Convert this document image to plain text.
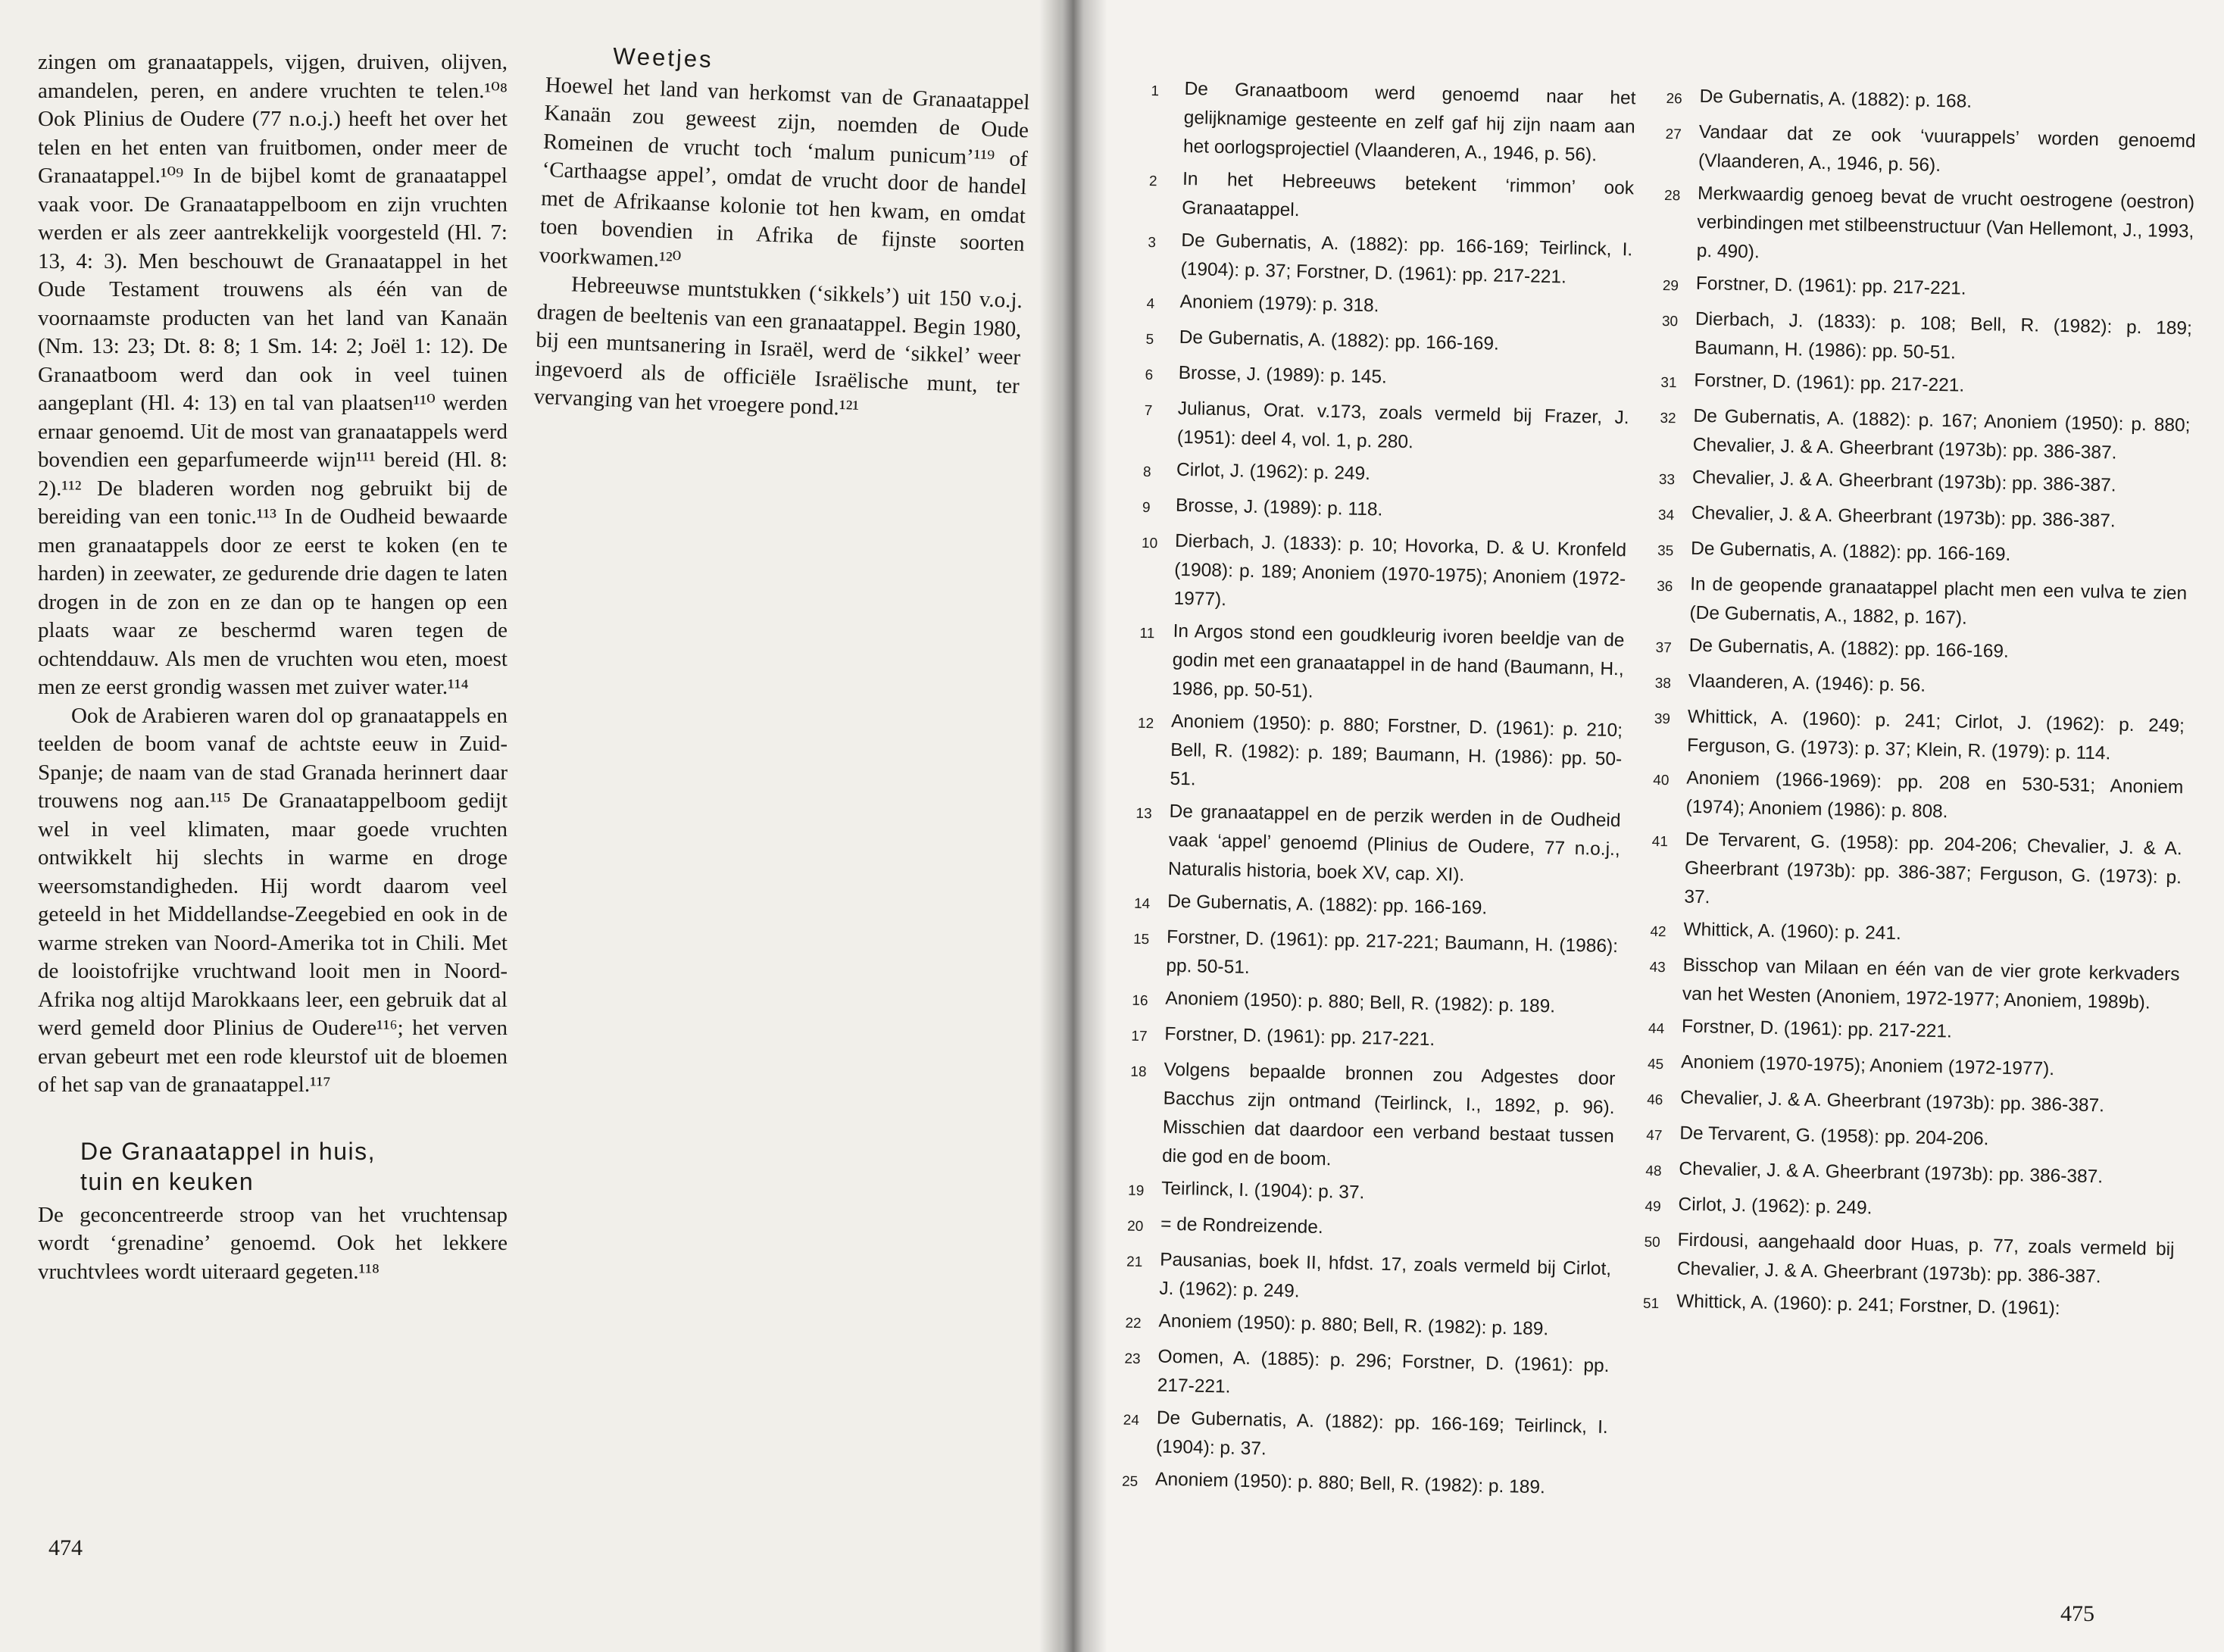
zingen om granaatappels, vijgen, druiven, olijven, amandelen, peren, en andere vruchten te telen.¹⁰⁸ Ook Plinius de Oudere (77 n.o.j.) heeft het over het telen en het enten van fruitbomen, onder meer de Granaatappel.¹⁰⁹ In de bijbel komt de granaatappel vaak voor. De Granaatappelboom en zijn vruchten werden er als zeer aantrekkelijk voorgesteld (Hl. 7: 13, 4: 3). Men beschouwt de Granaatappel in het Oude Testament trouwens als één van de voornaamste producten van het land van Kanaän (Nm. 13: 23; Dt. 8: 8; 1 Sm. 14: 2; Joël 1: 12). De Granaatboom werd dan ook in veel tuinen aangeplant (Hl. 4: 13) en tal van plaatsen¹¹⁰ werden ernaar genoemd. Uit de most van granaatappels werd bovendien een geparfumeerde wijn¹¹¹ bereid (Hl. 8: 2).¹¹² De bladeren worden nog gebruikt bij de bereiding van een tonic.¹¹³ In de Oudheid bewaarde men granaatappels door ze eerst te koken (en te harden) in zeewater, ze gedurende drie dagen te laten drogen in de zon en ze dan op te hangen op een plaats waar ze beschermd waren tegen de ochtenddauw. Als men de vruchten wou eten, moest men ze eerst grondig wassen met zuiver water.¹¹⁴

Ook de Arabieren waren dol op granaatappels en teelden de boom vanaf de achtste eeuw in Zuid-Spanje; de naam van de stad Granada herinnert daar trouwens nog aan.¹¹⁵ De Granaatappelboom gedijt wel in veel klimaten, maar goede vruchten ontwikkelt hij slechts in warme en droge weersomstandigheden. Hij wordt daarom veel geteeld in het Middellandse-Zeegebied en ook in de warme streken van Noord-Amerika tot in Chili. Met de looistofrijke vruchtwand looit men in Noord-Afrika nog altijd Marokkaans leer, een gebruik dat al werd gemeld door Plinius de Oudere¹¹⁶; het verven ervan gebeurt met een rode kleurstof uit de bloemen of het sap van de granaatappel.¹¹⁷

De Granaatappel in huis,
tuin en keuken

De geconcentreerde stroop van het vruchtensap wordt ‘grenadine’ genoemd. Ook het lekkere vruchtvlees wordt uiteraard gegeten.¹¹⁸

Weetjes

Hoewel het land van herkomst van de Granaatappel Kanaän zou geweest zijn, noemden de Oude Romeinen de vrucht toch ‘malum punicum’¹¹⁹ of ‘Carthaagse appel’, omdat de vrucht door de handel met de Afrikaanse kolonie tot hen kwam, en omdat toen bovendien in Afrika de fijnste soorten voorkwamen.¹²⁰

Hebreeuwse muntstukken (‘sikkels’) uit 150 v.o.j. dragen de beeltenis van een granaatappel. Begin 1980, bij een muntsanering in Israël, werd de ‘sikkel’ weer ingevoerd als de officiële Israëlische munt, ter vervanging van het vroegere pond.¹²¹

474
1	De Granaatboom werd genoemd naar het gelijknamige gesteente en zelf gaf hij zijn naam aan het oorlogsprojectiel (Vlaanderen, A., 1946, p. 56).
2	In het Hebreeuws betekent ‘rimmon’ ook Granaatappel.
3	De Gubernatis, A. (1882): pp. 166-169; Teirlinck, I. (1904): p. 37; Forstner, D. (1961): pp. 217-221.
4	Anoniem (1979): p. 318.
5	De Gubernatis, A. (1882): pp. 166-169.
6	Brosse, J. (1989): p. 145.
7	Julianus, Orat. v.173, zoals vermeld bij Frazer, J. (1951): deel 4, vol. 1, p. 280.
8	Cirlot, J. (1962): p. 249.
9	Brosse, J. (1989): p. 118.
10 Dierbach, J. (1833): p. 10; Hovorka, D. & U. Kronfeld (1908): p. 189; Anoniem (1970-1975); Anoniem (1972-1977).
11 In Argos stond een goudkleurig ivoren beeldje van de godin met een granaatappel in de hand (Baumann, H., 1986, pp. 50-51).
12 Anoniem (1950): p. 880; Forstner, D. (1961): p. 210; Bell, R. (1982): p. 189; Baumann, H. (1986): pp. 50-51.
13 De granaatappel en de perzik werden in de Oudheid vaak ‘appel’ genoemd (Plinius de Oudere, 77 n.o.j., Naturalis historia, boek XV, cap. XI).
14 De Gubernatis, A. (1882): pp. 166-169.
15 Forstner, D. (1961): pp. 217-221; Baumann, H. (1986): pp. 50-51.
16 Anoniem (1950): p. 880; Bell, R. (1982): p. 189.
17 Forstner, D. (1961): pp. 217-221.
18 Volgens bepaalde bronnen zou Adgestes door Bacchus zijn ontmand (Teirlinck, I., 1892, p. 96). Misschien dat daardoor een verband bestaat tussen die god en de boom.
19 Teirlinck, I. (1904): p. 37.
20 = de Rondreizende.
21 Pausanias, boek II, hfdst. 17, zoals vermeld bij Cirlot, J. (1962): p. 249.
22 Anoniem (1950): p. 880; Bell, R. (1982): p. 189.
23 Oomen, A. (1885): p. 296; Forstner, D. (1961): pp. 217-221.
24 De Gubernatis, A. (1882): pp. 166-169; Teirlinck, I. (1904): p. 37.
25 Anoniem (1950): p. 880; Bell, R. (1982): p. 189.
26 De Gubernatis, A. (1882): p. 168.
27 Vandaar dat ze ook ‘vuurappels’ worden genoemd (Vlaanderen, A., 1946, p. 56).
28 Merkwaardig genoeg bevat de vrucht oestrogene (oestron) verbindingen met stilbeenstructuur (Van Hellemont, J., 1993, p. 490).
29 Forstner, D. (1961): pp. 217-221.
30 Dierbach, J. (1833): p. 108; Bell, R. (1982): p. 189; Baumann, H. (1986): pp. 50-51.
31 Forstner, D. (1961): pp. 217-221.
32 De Gubernatis, A. (1882): p. 167; Anoniem (1950): p. 880; Chevalier, J. & A. Gheerbrant (1973b): pp. 386-387.
33 Chevalier, J. & A. Gheerbrant (1973b): pp. 386-387.
34 Chevalier, J. & A. Gheerbrant (1973b): pp. 386-387.
35 De Gubernatis, A. (1882): pp. 166-169.
36 In de geopende granaatappel placht men een vulva te zien (De Gubernatis, A., 1882, p. 167).
37 De Gubernatis, A. (1882): pp. 166-169.
38 Vlaanderen, A. (1946): p. 56.
39 Whittick, A. (1960): p. 241; Cirlot, J. (1962): p. 249; Ferguson, G. (1973): p. 37; Klein, R. (1979): p. 114.
40 Anoniem (1966-1969): pp. 208 en 530-531; Anoniem (1974); Anoniem (1986): p. 808.
41 De Tervarent, G. (1958): pp. 204-206; Chevalier, J. & A. Gheerbrant (1973b): pp. 386-387; Ferguson, G. (1973): p. 37.
42 Whittick, A. (1960): p. 241.
43 Bisschop van Milaan en één van de vier grote kerkvaders van het Westen (Anoniem, 1972-1977; Anoniem, 1989b).
44 Forstner, D. (1961): pp. 217-221.
45 Anoniem (1970-1975); Anoniem (1972-1977).
46 Chevalier, J. & A. Gheerbrant (1973b): pp. 386-387.
47 De Tervarent, G. (1958): pp. 204-206.
48 Chevalier, J. & A. Gheerbrant (1973b): pp. 386-387.
49 Cirlot, J. (1962): p. 249.
50 Firdousi, aangehaald door Huas, p. 77, zoals vermeld bij Chevalier, J. & A. Gheerbrant (1973b): pp. 386-387.
51 Whittick, A. (1960): p. 241; Forstner, D. (1961):
475
